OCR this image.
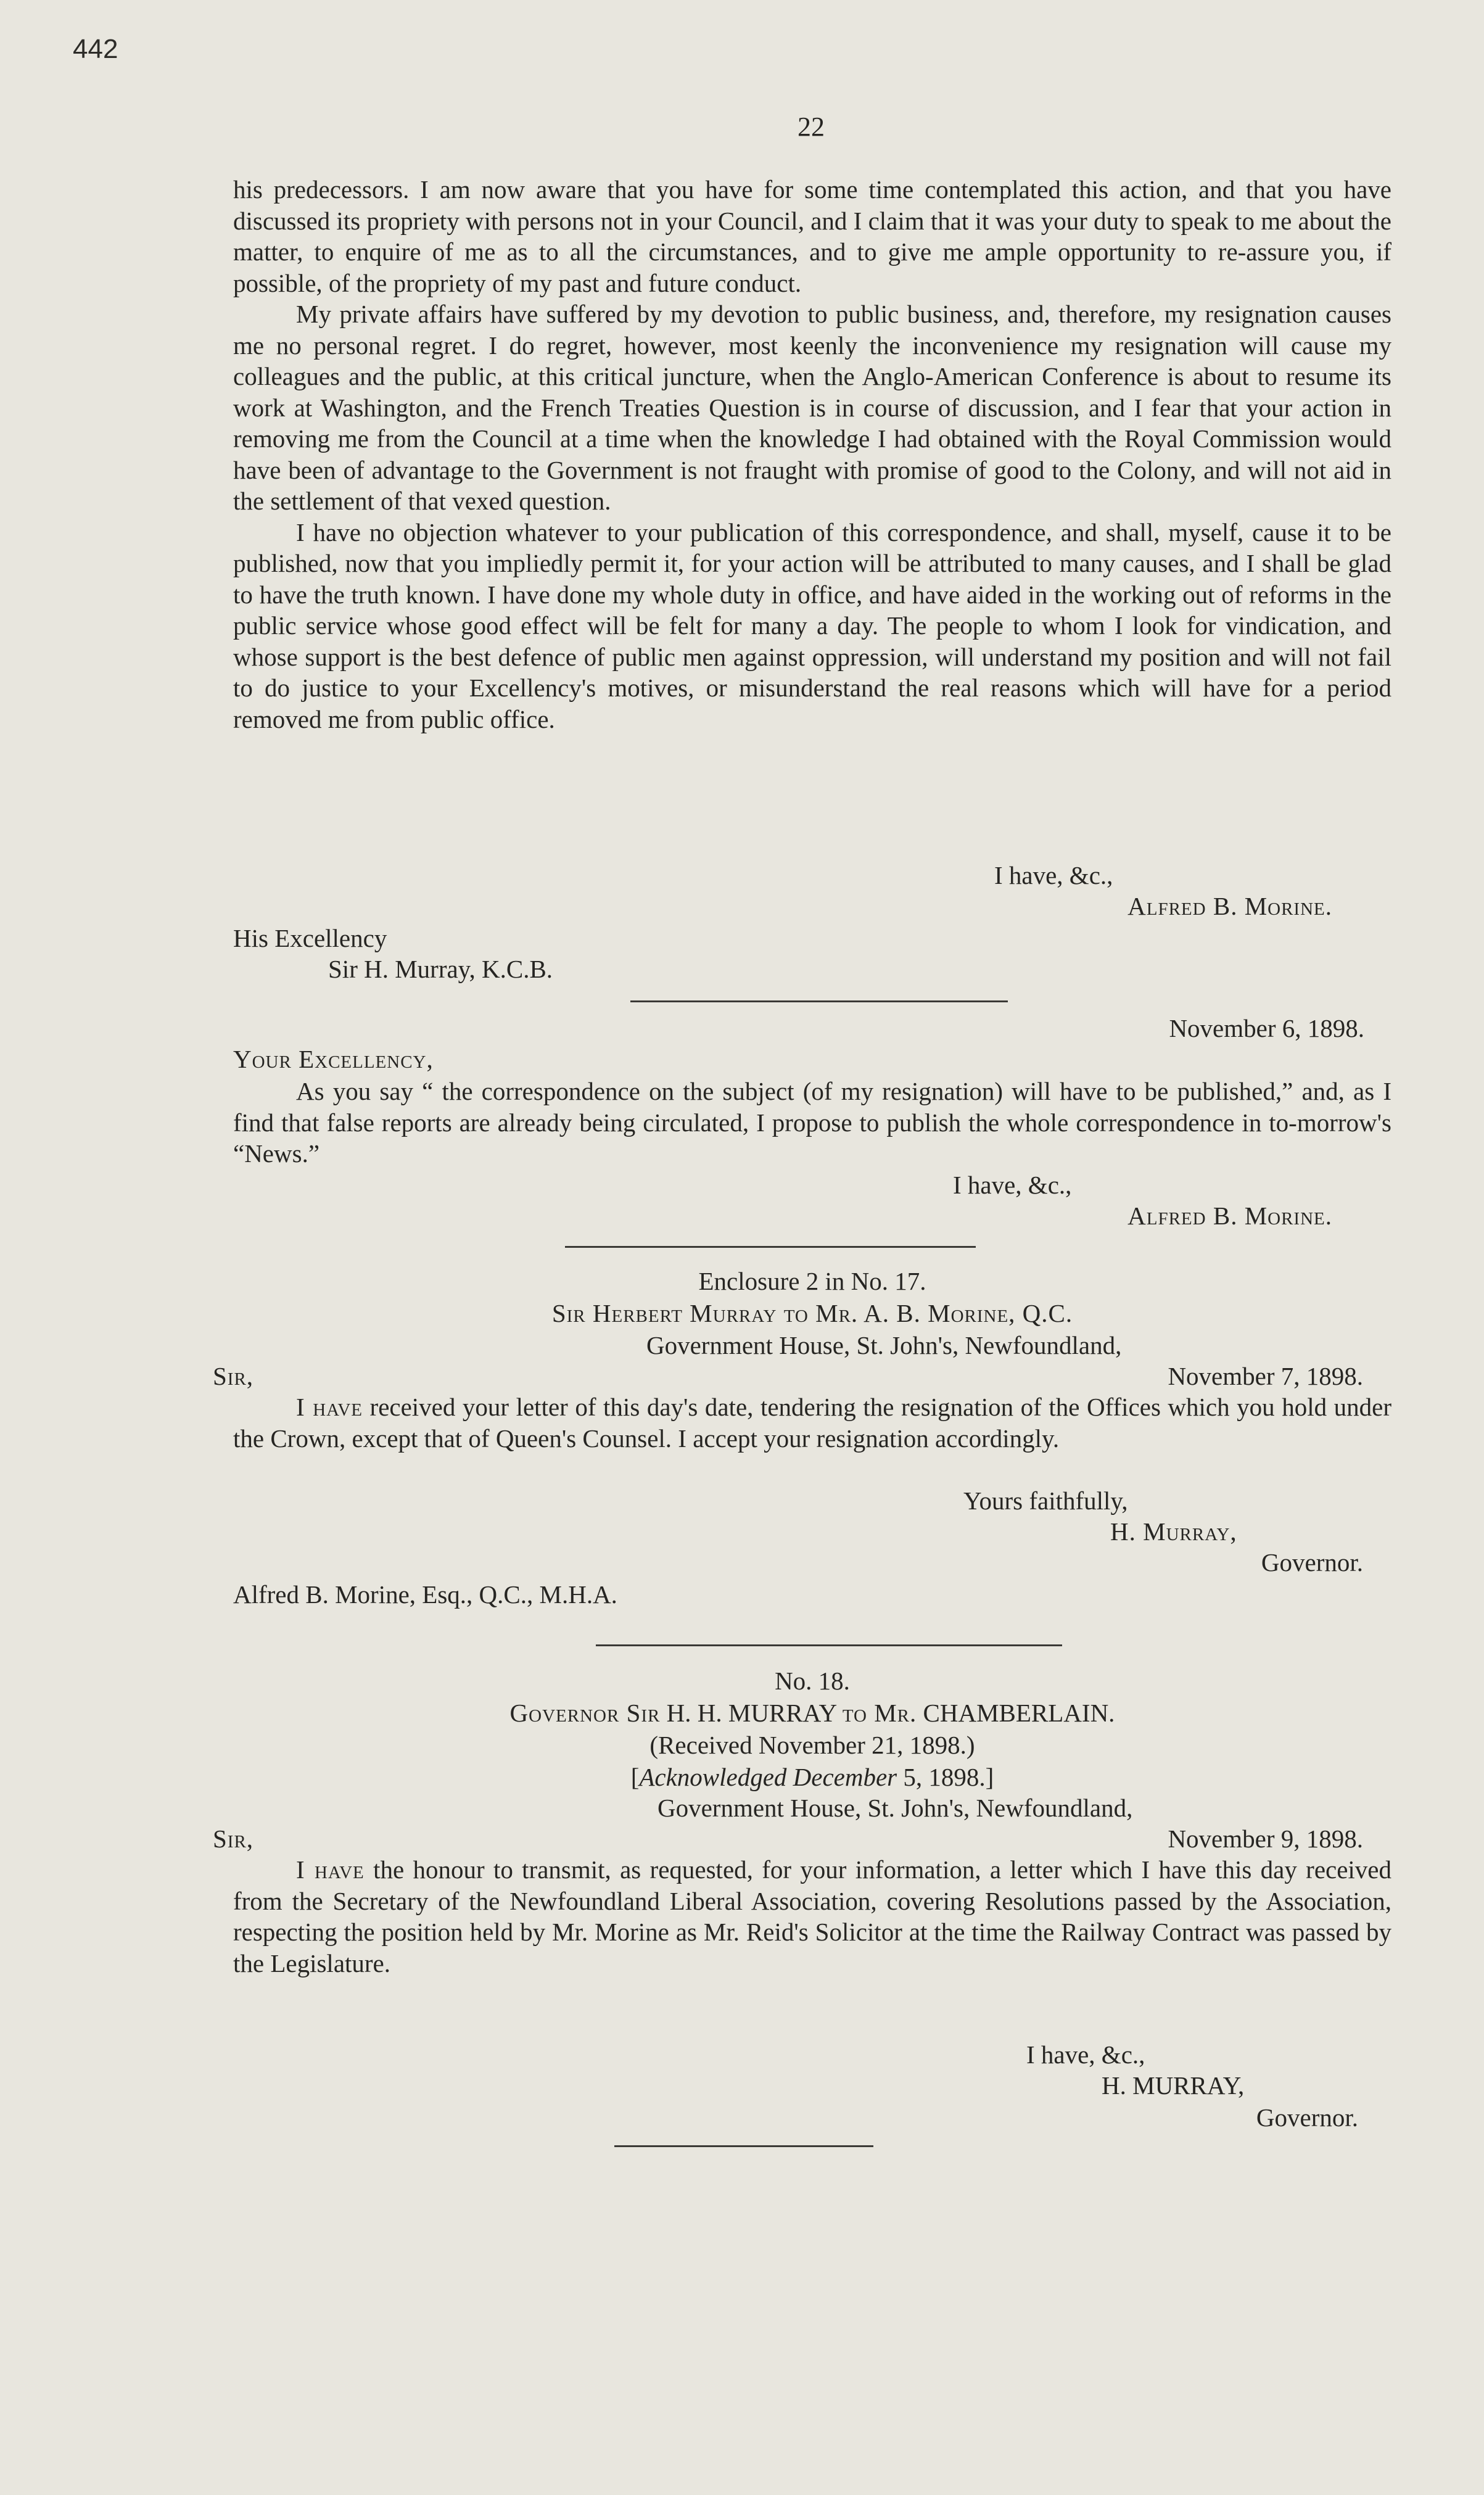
442
22

his predecessors. I am now aware that you have for some time contemplated this action, and that you have discussed its propriety with persons not in your Council, and I claim that it was your duty to speak to me about the matter, to enquire of me as to all the circumstances, and to give me ample opportunity to re-assure you, if possible, of the propriety of my past and future conduct.

My private affairs have suffered by my devotion to public business, and, therefore, my resignation causes me no personal regret. I do regret, however, most keenly the inconvenience my resignation will cause my colleagues and the public, at this critical juncture, when the Anglo-American Conference is about to resume its work at Washington, and the French Treaties Question is in course of discussion, and I fear that your action in removing me from the Council at a time when the knowledge I had obtained with the Royal Commission would have been of advantage to the Government is not fraught with promise of good to the Colony, and will not aid in the settlement of that vexed question.

I have no objection whatever to your publication of this correspondence, and shall, myself, cause it to be published, now that you impliedly permit it, for your action will be attributed to many causes, and I shall be glad to have the truth known. I have done my whole duty in office, and have aided in the working out of reforms in the public service whose good effect will be felt for many a day. The people to whom I look for vindication, and whose support is the best defence of public men against oppression, will understand my position and will not fail to do justice to your Excellency's motives, or misunderstand the real reasons which will have for a period removed me from public office.

I have, &c.,
Alfred B. Morine.
His Excellency
Sir H. Murray, K.C.B.
November 6, 1898.
Your Excellency,
As you say “ the correspondence on the subject (of my resignation) will have to be published,” and, as I find that false reports are already being circulated, I propose to publish the whole correspondence in to-morrow's “News.”
I have, &c.,
Alfred B. Morine.
Enclosure 2 in No. 17.
Sir Herbert Murray to Mr. A. B. Morine, Q.C.
Government House, St. John's, Newfoundland,
Sir,	November 7, 1898.
I have received your letter of this day's date, tendering the resignation of the Offices which you hold under the Crown, except that of Queen's Counsel. I accept your resignation accordingly.
Yours faithfully,
H. Murray,
Governor.
Alfred B. Morine, Esq., Q.C., M.H.A.
No. 18.
Governor Sir H. H. MURRAY to Mr. CHAMBERLAIN.
(Received November 21, 1898.)
[Acknowledged December 5, 1898.]
Government House, St. John's, Newfoundland,
Sir,	November 9, 1898.
I have the honour to transmit, as requested, for your information, a letter which I have this day received from the Secretary of the Newfoundland Liberal Association, covering Resolutions passed by the Association, respecting the position held by Mr. Morine as Mr. Reid's Solicitor at the time the Railway Contract was passed by the Legislature.
I have, &c.,
H. MURRAY,
Governor.
